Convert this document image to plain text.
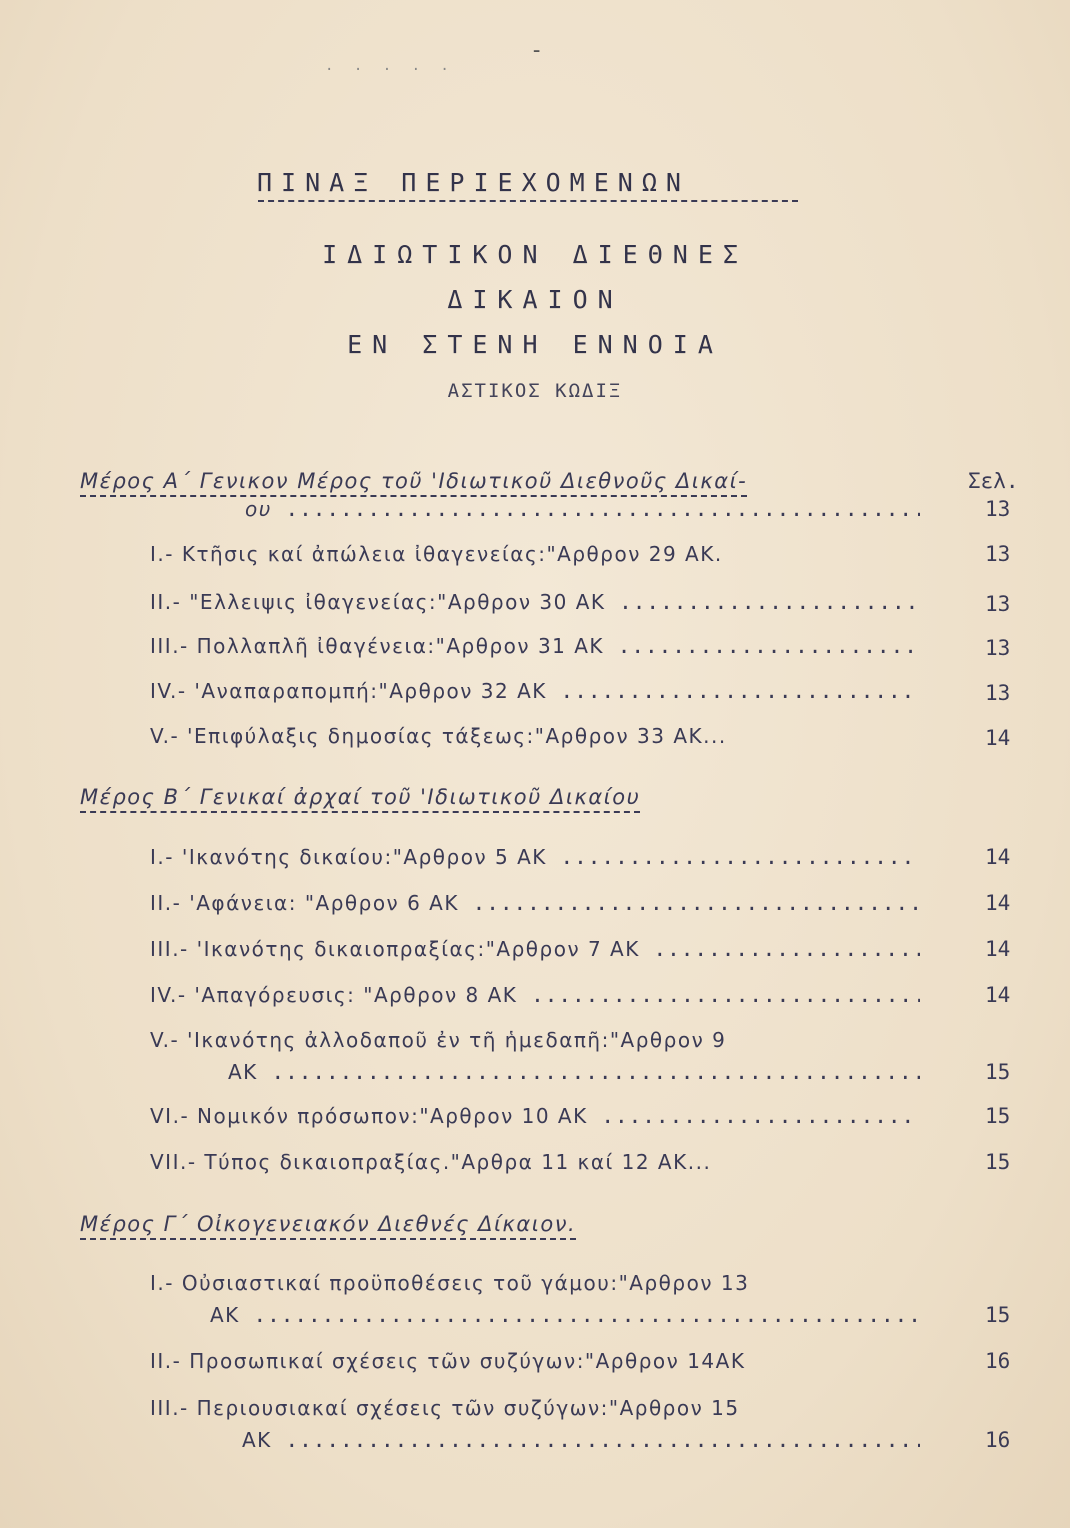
-
· · · · ·
ΠΙΝΑΞ ΠΕΡΙΕΧΟΜΕΝΩΝ
ΙΔΙΩΤΙΚΟΝ ΔΙΕΘΝΕΣ
ΔΙΚΑΙΟΝ
ΕΝ ΣΤΕΝΗ ΕΝΝΟΙΑ
ΑΣΤΙΚΟΣ ΚΩΔΙΞ
Μέρος Α΄ Γενικον Μέρος τοῦ 'Ιδιωτικοῦ Διεθνοῦς Δικαί-	Σελ.
ου .....	13
Ι.- Κτῆσις καί ἀπώλεια ἰθαγενείας:"Αρθρον 29 ΑΚ.	13
ΙΙ.- "Ελλειψις ἰθαγενείας:"Αρθρον 30 ΑΚ .....	13
ΙΙΙ.- Πολλαπλῆ ἰθαγένεια:"Αρθρον 31 ΑΚ .....	13
ΙV.- 'Αναπαραπομπή:"Αρθρον 32 ΑΚ .....	13
V.- 'Επιφύλαξις δημοσίας τάξεως:"Αρθρον 33 ΑΚ...	14
Μέρος Β΄ Γενικαί ἀρχαί τοῦ 'Ιδιωτικοῦ Δικαίου
Ι.- 'Ικανότης δικαίου:"Αρθρον 5 ΑΚ .....	14
ΙΙ.- 'Αφάνεια: "Αρθρον 6 ΑΚ .....	14
ΙΙΙ.- 'Ικανότης δικαιοπραξίας:"Αρθρον 7 ΑΚ .....	14
ΙV.- 'Απαγόρευσις: "Αρθρον 8 ΑΚ .....	14
V.- 'Ικανότης ἀλλοδαποῦ ἐν τῆ ἡμεδαπῆ:"Αρθρον 9
ΑΚ .....	15
VI.- Νομικόν πρόσωπον:"Αρθρον 10 ΑΚ .....	15
VII.- Τύπος δικαιοπραξίας."Αρθρα 11 καί 12 ΑΚ...	15
Μέρος Γ΄ Οἰκογενειακόν Διεθνές Δίκαιον.
Ι.- Οὐσιαστικαί προϋποθέσεις τοῦ γάμου:"Αρθρον 13
ΑΚ .....	15
ΙΙ.- Προσωπικαί σχέσεις τῶν συζύγων:"Αρθρον 14ΑΚ	16
ΙΙΙ.- Περιουσιακαί σχέσεις τῶν συζύγων:"Αρθρον 15
ΑΚ .....	16
